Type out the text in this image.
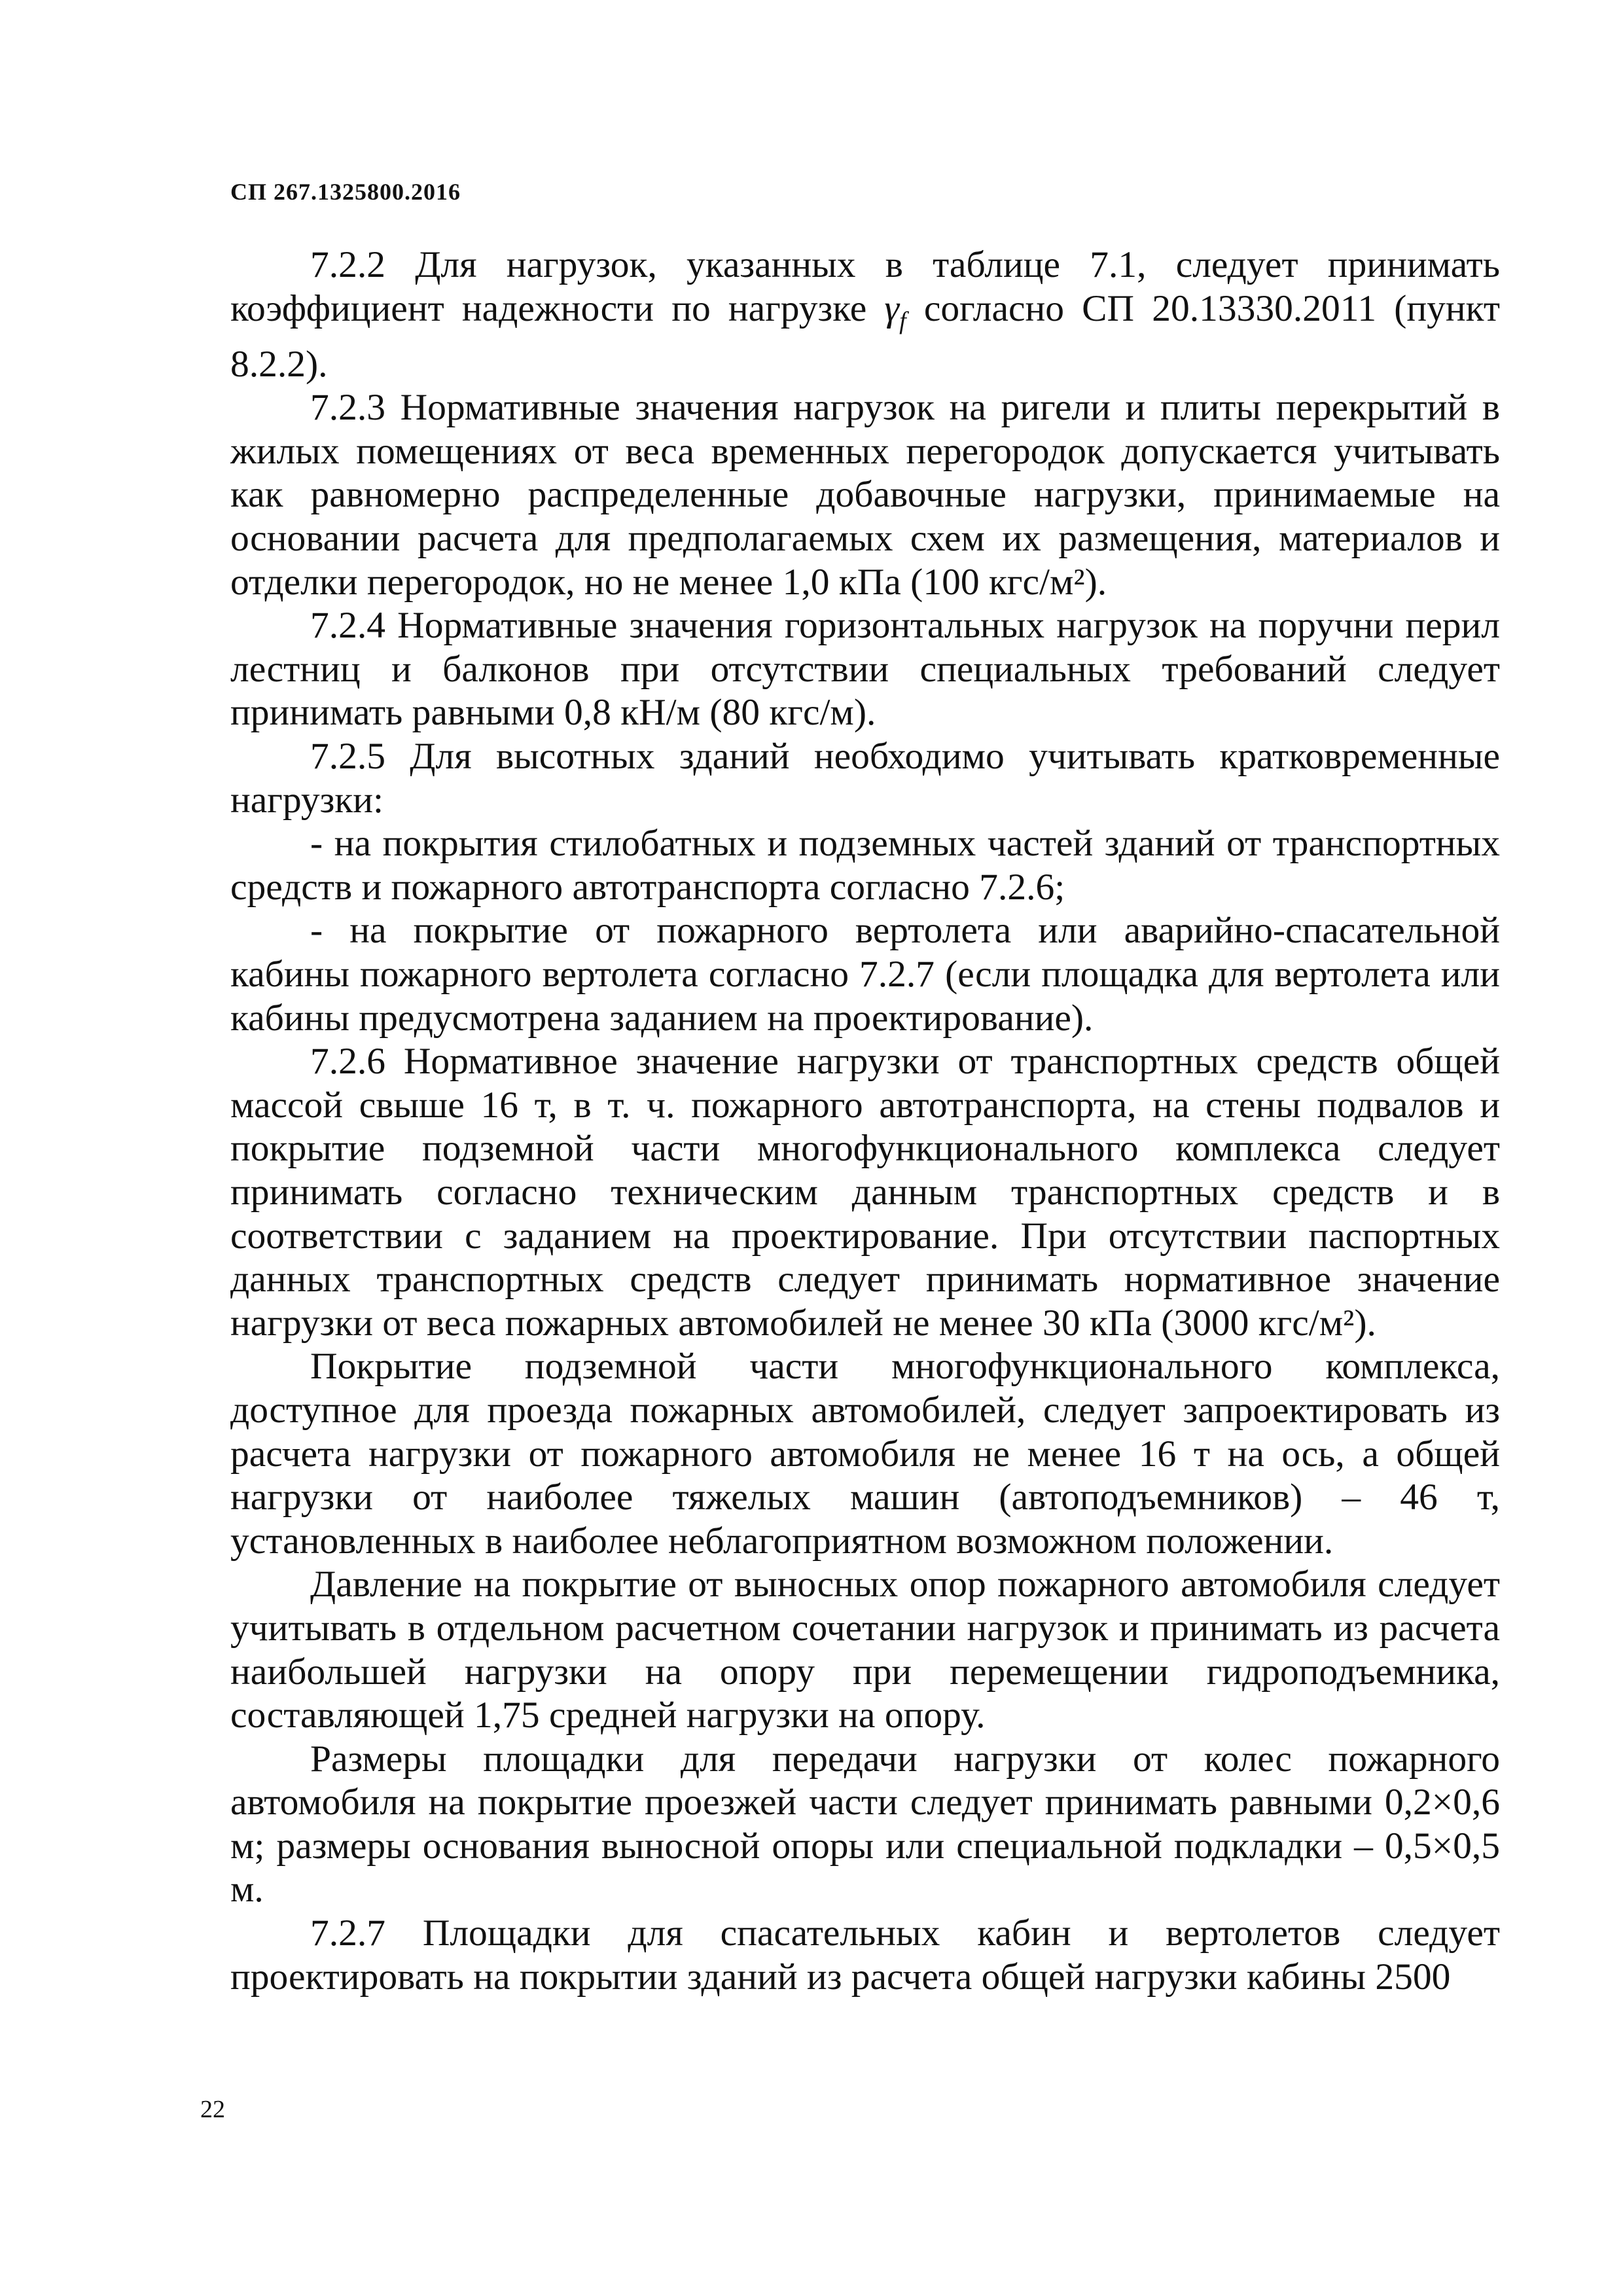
СП 267.1325800.2016

7.2.2 Для нагрузок, указанных в таблице 7.1, следует принимать коэффициент надежности по нагрузке $\gamma_f$ согласно СП 20.13330.2011 (пункт 8.2.2).

7.2.3 Нормативные значения нагрузок на ригели и плиты перекрытий в жилых помещениях от веса временных перегородок допускается учитывать как равномерно распределенные добавочные нагрузки, принимаемые на основании расчета для предполагаемых схем их размещения, материалов и отделки перегородок, но не менее 1,0 кПа (100 кгс/м²).

7.2.4 Нормативные значения горизонтальных нагрузок на поручни перил лестниц и балконов при отсутствии специальных требований следует принимать равными 0,8 кН/м (80 кгс/м).

7.2.5 Для высотных зданий необходимо учитывать кратковременные нагрузки:

- на покрытия стилобатных и подземных частей зданий от транспортных средств и пожарного автотранспорта согласно 7.2.6;

- на покрытие от пожарного вертолета или аварийно-спасательной кабины пожарного вертолета согласно 7.2.7 (если площадка для вертолета или кабины предусмотрена заданием на проектирование).

7.2.6 Нормативное значение нагрузки от транспортных средств общей массой свыше 16 т, в т. ч. пожарного автотранспорта, на стены подвалов и покрытие подземной части многофункционального комплекса следует принимать согласно техническим данным транспортных средств и в соответствии с заданием на проектирование. При отсутствии паспортных данных транспортных средств следует принимать нормативное значение нагрузки от веса пожарных автомобилей не менее 30 кПа (3000 кгс/м²).

Покрытие подземной части многофункционального комплекса, доступное для проезда пожарных автомобилей, следует запроектировать из расчета нагрузки от пожарного автомобиля не менее 16 т на ось, а общей нагрузки от наиболее тяжелых машин (автоподъемников) – 46 т, установленных в наиболее неблагоприятном возможном положении.

Давление на покрытие от выносных опор пожарного автомобиля следует учитывать в отдельном расчетном сочетании нагрузок и принимать из расчета наибольшей нагрузки на опору при перемещении гидроподъемника, составляющей 1,75 средней нагрузки на опору.

Размеры площадки для передачи нагрузки от колес пожарного автомобиля на покрытие проезжей части следует принимать равными 0,2×0,6 м; размеры основания выносной опоры или специальной подкладки – 0,5×0,5 м.

7.2.7 Площадки для спасательных кабин и вертолетов следует проектировать на покрытии зданий из расчета общей нагрузки кабины 2500

22
